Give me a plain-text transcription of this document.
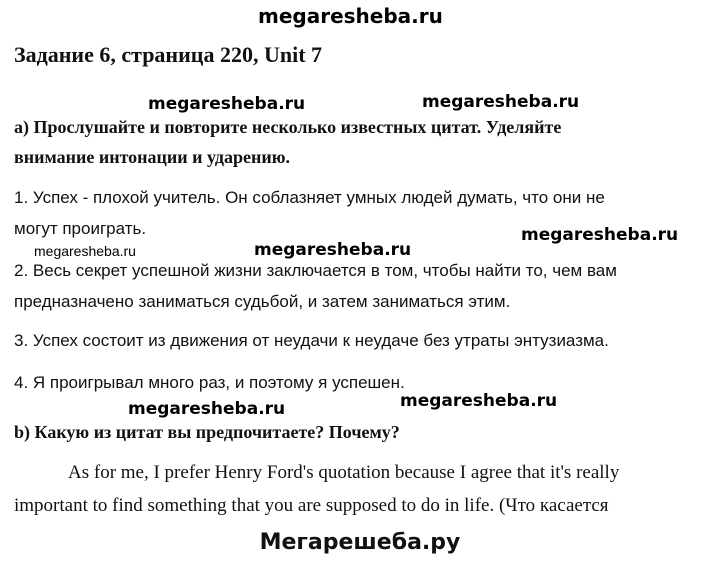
megaresheba.ru
Задание 6, страница 220, Unit 7
megaresheba.ru	megaresheba.ru
а) Прослушайте и повторите несколько известных цитат. Уделяйте
внимание интонации и ударению.
1. Успех - плохой учитель. Он соблазняет умных людей думать, что они не
могут проиграть.
megaresheba.ru	megaresheba.ru
megaresheba.ru
2. Весь секрет успешной жизни заключается в том, чтобы найти то, чем вам
предназначено заниматься судьбой, и затем заниматься этим.
3. Успех состоит из движения от неудачи к неудаче без утраты энтузиазма.
4. Я проигрывал много раз, и поэтому я успешен.
megaresheba.ru	megaresheba.ru
b) Какую из цитат вы предпочитаете? Почему?
As for me, I prefer Henry Ford's quotation because I agree that it's really
important to find something that you are supposed to do in life. (Что касается
Мегарешеба.ру
